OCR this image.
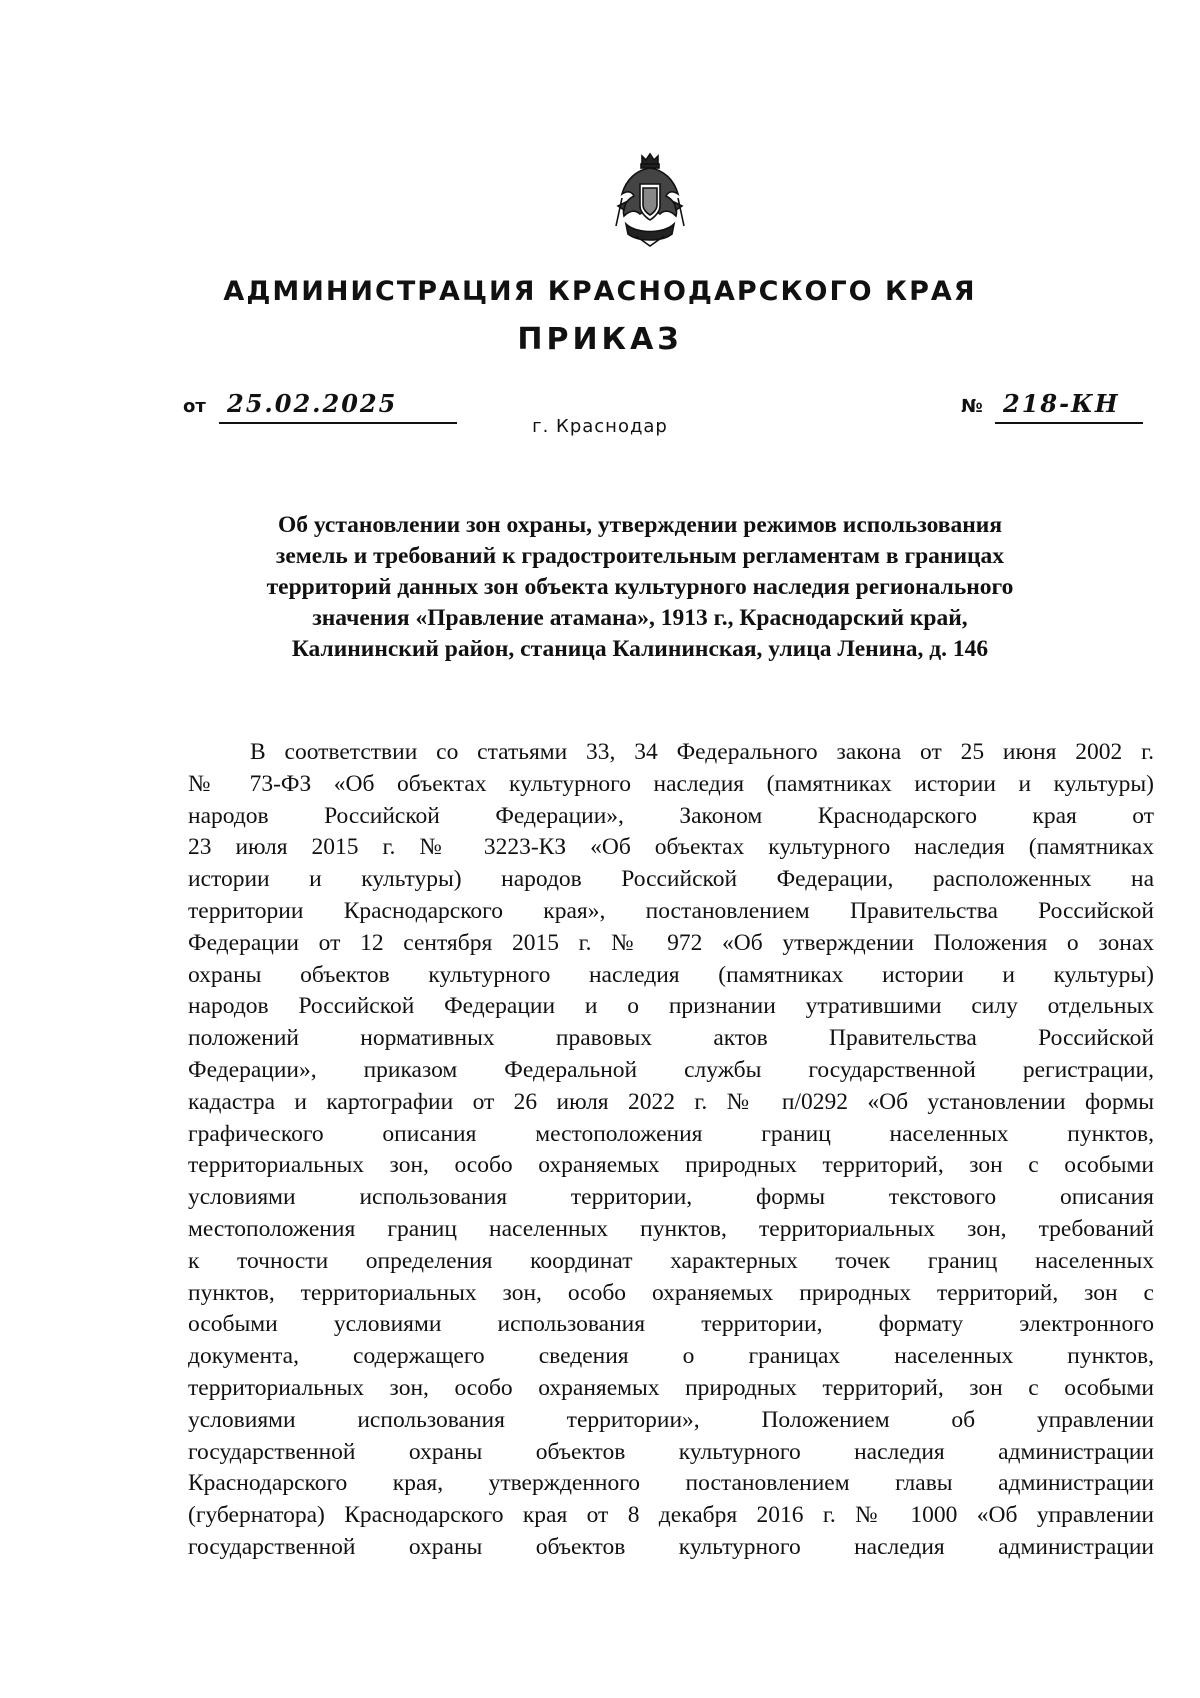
АДМИНИСТРАЦИЯ КРАСНОДАРСКОГО КРАЯ
ПРИКАЗ
от 25.02.2025	№ 218-КН
г. Краснодар
Об установлении зон охраны, утверждении режимов использования
земель и требований к градостроительным регламентам в границах
территорий данных зон объекта культурного наследия регионального
значения «Правление атамана», 1913 г., Краснодарский край,
Калининский район, станица Калининская, улица Ленина, д. 146
В соответствии со статьями 33, 34 Федерального закона от 25 июня 2002 г.
№ 73-ФЗ «Об объектах культурного наследия (памятниках истории и культуры)
народов Российской Федерации», Законом Краснодарского края от
23 июля 2015 г. № 3223-КЗ «Об объектах культурного наследия (памятниках
истории и культуры) народов Российской Федерации, расположенных на
территории Краснодарского края», постановлением Правительства Российской
Федерации от 12 сентября 2015 г. № 972 «Об утверждении Положения о зонах
охраны объектов культурного наследия (памятниках истории и культуры)
народов Российской Федерации и о признании утратившими силу отдельных
положений нормативных правовых актов Правительства Российской
Федерации», приказом Федеральной службы государственной регистрации,
кадастра и картографии от 26 июля 2022 г. № п/0292 «Об установлении формы
графического описания местоположения границ населенных пунктов,
территориальных зон, особо охраняемых природных территорий, зон с особыми
условиями использования территории, формы текстового описания
местоположения границ населенных пунктов, территориальных зон, требований
к точности определения координат характерных точек границ населенных
пунктов, территориальных зон, особо охраняемых природных территорий, зон с
особыми условиями использования территории, формату электронного
документа, содержащего сведения о границах населенных пунктов,
территориальных зон, особо охраняемых природных территорий, зон с особыми
условиями использования территории», Положением об управлении
государственной охраны объектов культурного наследия администрации
Краснодарского края, утвержденного постановлением главы администрации
(губернатора) Краснодарского края от 8 декабря 2016 г. № 1000 «Об управлении
государственной охраны объектов культурного наследия администрации
